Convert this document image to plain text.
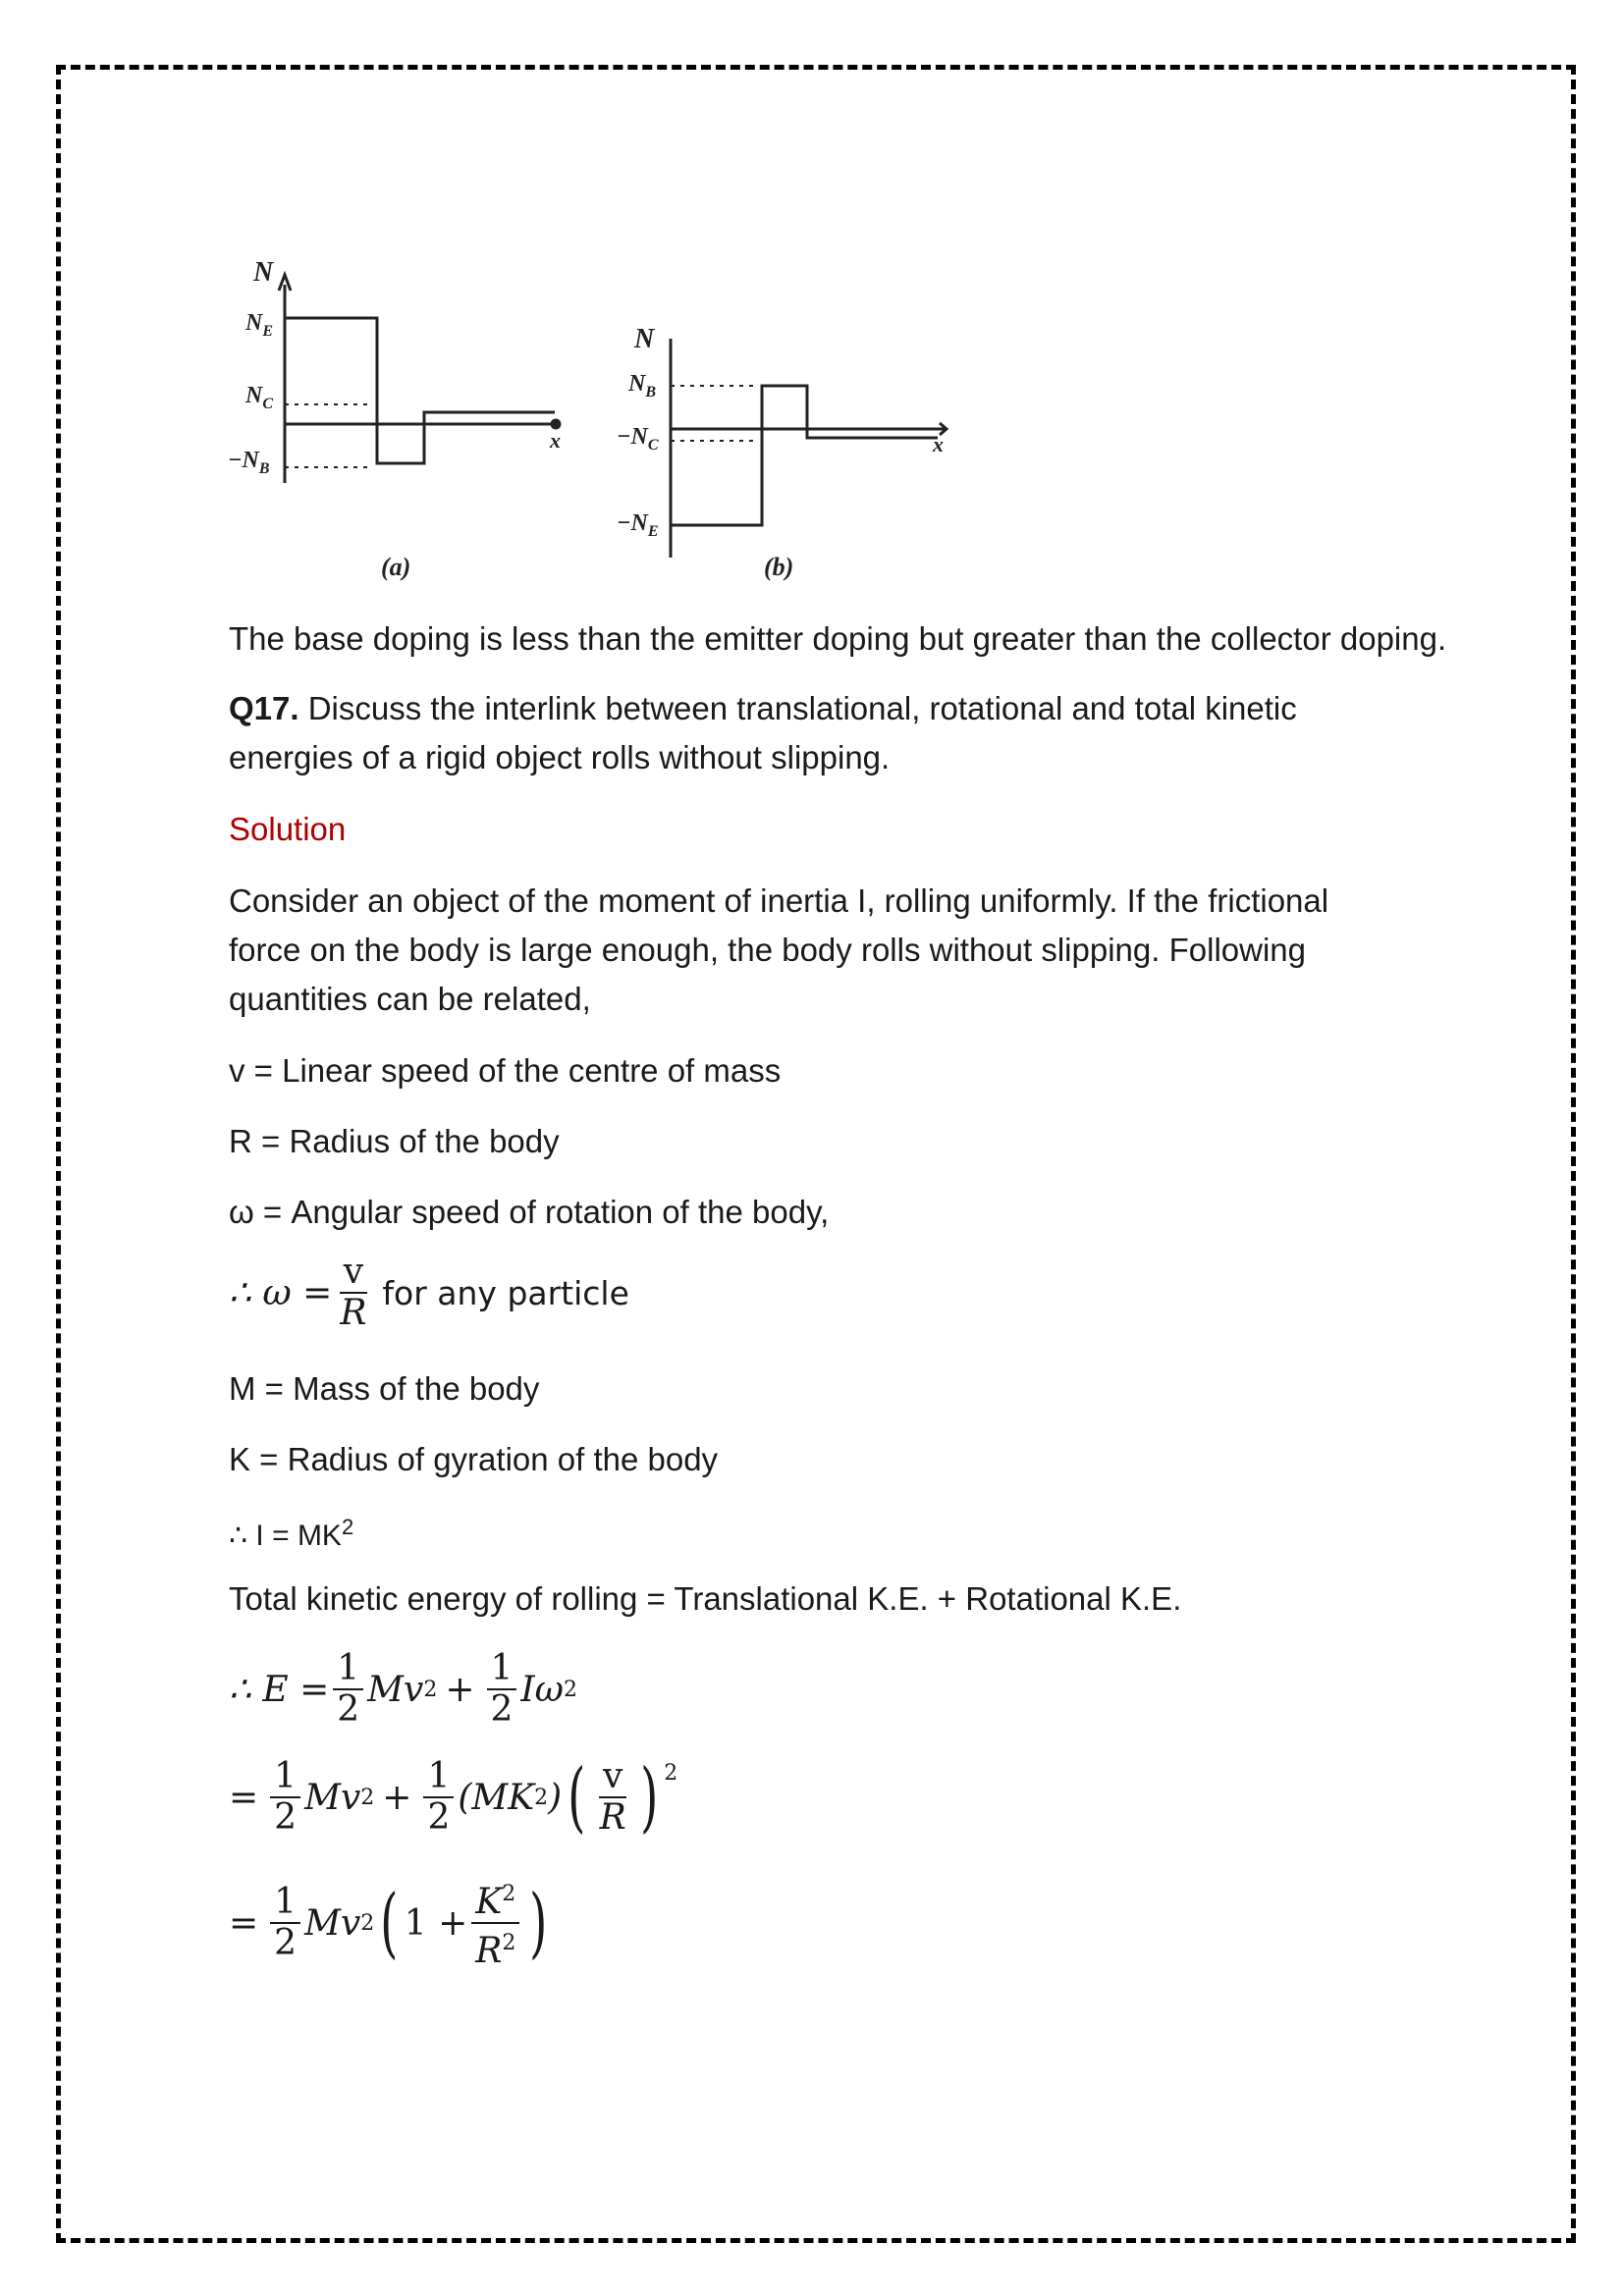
N
$N_E$
$N_C$
$-N_B$
x
(a)
N
$N_B$
$-N_C$
$-N_E$
x
(b)
The base doping is less than the emitter doping but greater than the collector doping.
Q17. Discuss the interlink between translational, rotational and total kinetic energies of a rigid object rolls without slipping.
Solution
Consider an object of the moment of inertia I, rolling uniformly. If the frictional force on the body is large enough, the body rolls without slipping. Following quantities can be related,
v = Linear speed of the centre of mass
R = Radius of the body
ω = Angular speed of rotation of the body,
∴ $\omega = \frac{v}{R}$ for any particle
M = Mass of the body
K = Radius of gyration of the body
∴ $I = MK^2$
Total kinetic energy of rolling = Translational K.E. + Rotational K.E.
∴ $E = \frac{1}{2}$ Mv $2 + \frac{1}{2}$ Iω 2
= $\frac{1}{2}$ Mv $2 + \frac{1}{2} (MK$ 2 ) ( $\frac{v}{R}$ ) $^2$
= $\frac{1}{2}$ Mv 2 ( $1 + \frac{K^2}{R^2}$ )
